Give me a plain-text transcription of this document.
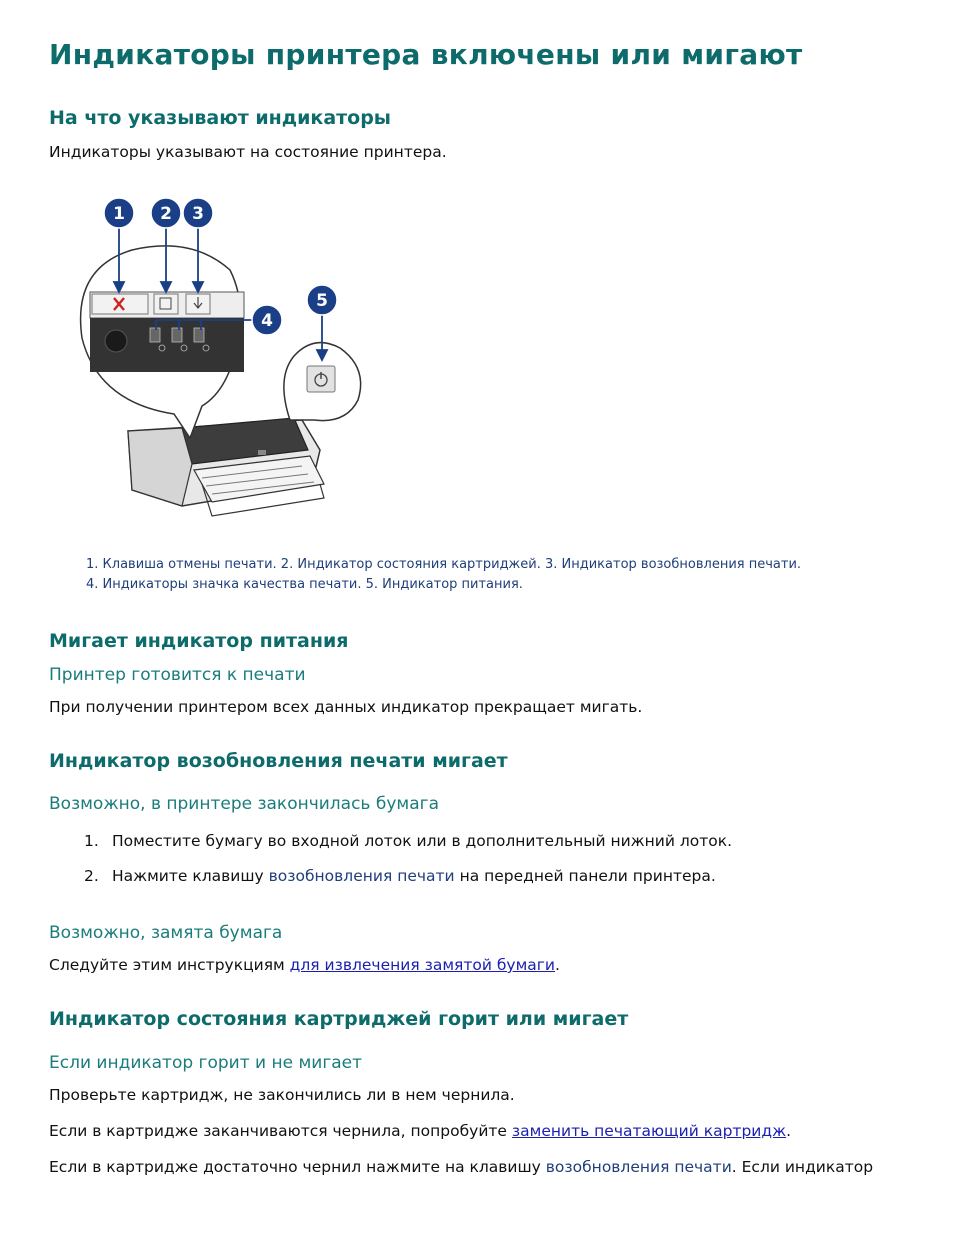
Индикаторы принтера включены или мигают
На что указывают индикаторы
Индикаторы указывают на состояние принтера.
1 2 3
4
5
1. Клавиша отмены печати. 2. Индикатор состояния картриджей. 3. Индикатор возобновления печати.
4. Индикаторы значка качества печати. 5. Индикатор питания.
Мигает индикатор питания
Принтер готовится к печати
При получении принтером всех данных индикатор прекращает мигать.
Индикатор возобновления печати мигает
Возможно, в принтере закончилась бумага
1. Поместите бумагу во входной лоток или в дополнительный нижний лоток.
2. Нажмите клавишу возобновления печати на передней панели принтера.
Возможно, замята бумага
Следуйте этим инструкциям для извлечения замятой бумаги.
Индикатор состояния картриджей горит или мигает
Если индикатор горит и не мигает
Проверьте картридж, не закончились ли в нем чернила.
Если в картридже заканчиваются чернила, попробуйте заменить печатающий картридж.
Если в картридже достаточно чернил нажмите на клавишу возобновления печати. Если индикатор
